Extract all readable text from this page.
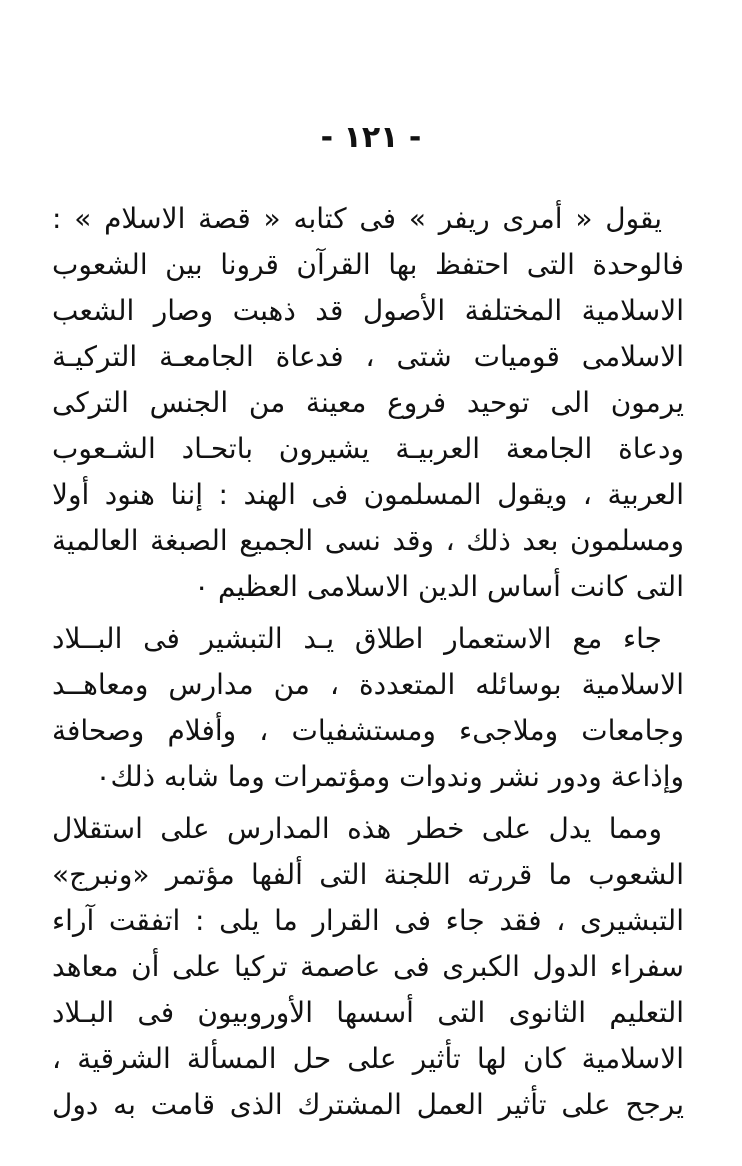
- ١٢١ -
يقول « أمرى ريفر » فى كتابه « قصة الاسلام » :
فالوحدة التى احتفظ بها القرآن قرونا بين الشعوب
الاسلامية المختلفة الأصول قد ذهبت وصار الشعب
الاسلامى قوميات شتى ، فدعاة الجامعـة التركيـة
يرمون الى توحيد فروع معينة من الجنس التركى
ودعاة الجامعة العربيـة يشيرون باتحـاد الشـعوب
العربية ، ويقول المسلمون فى الهند : إننا هنود أولا
ومسلمون بعد ذلك ، وقد نسى الجميع الصبغة العالمية
التى كانت أساس الدين الاسلامى العظيم ٠
جاء مع الاستعمار اطلاق يـد التبشير فى البــلاد
الاسلامية بوسائله المتعددة ، من مدارس ومعاهــد
وجامعات وملاجىء ومستشفيات ، وأفلام وصحافة
وإذاعة ودور نشر وندوات ومؤتمرات وما شابه ذلك٠
ومما يدل على خطر هذه المدارس على استقلال
الشعوب ما قررته اللجنة التى ألفها مؤتمر «ونبرج»
التبشيرى ، فقد جاء فى القرار ما يلى : اتفقت آراء
سفراء الدول الكبرى فى عاصمة تركيا على أن معاهد
التعليم الثانوى التى أسسها الأوروبيون فى البـلاد
الاسلامية كان لها تأثير على حل المسألة الشرقية ،
يرجح على تأثير العمل المشترك الذى قامت به دول
